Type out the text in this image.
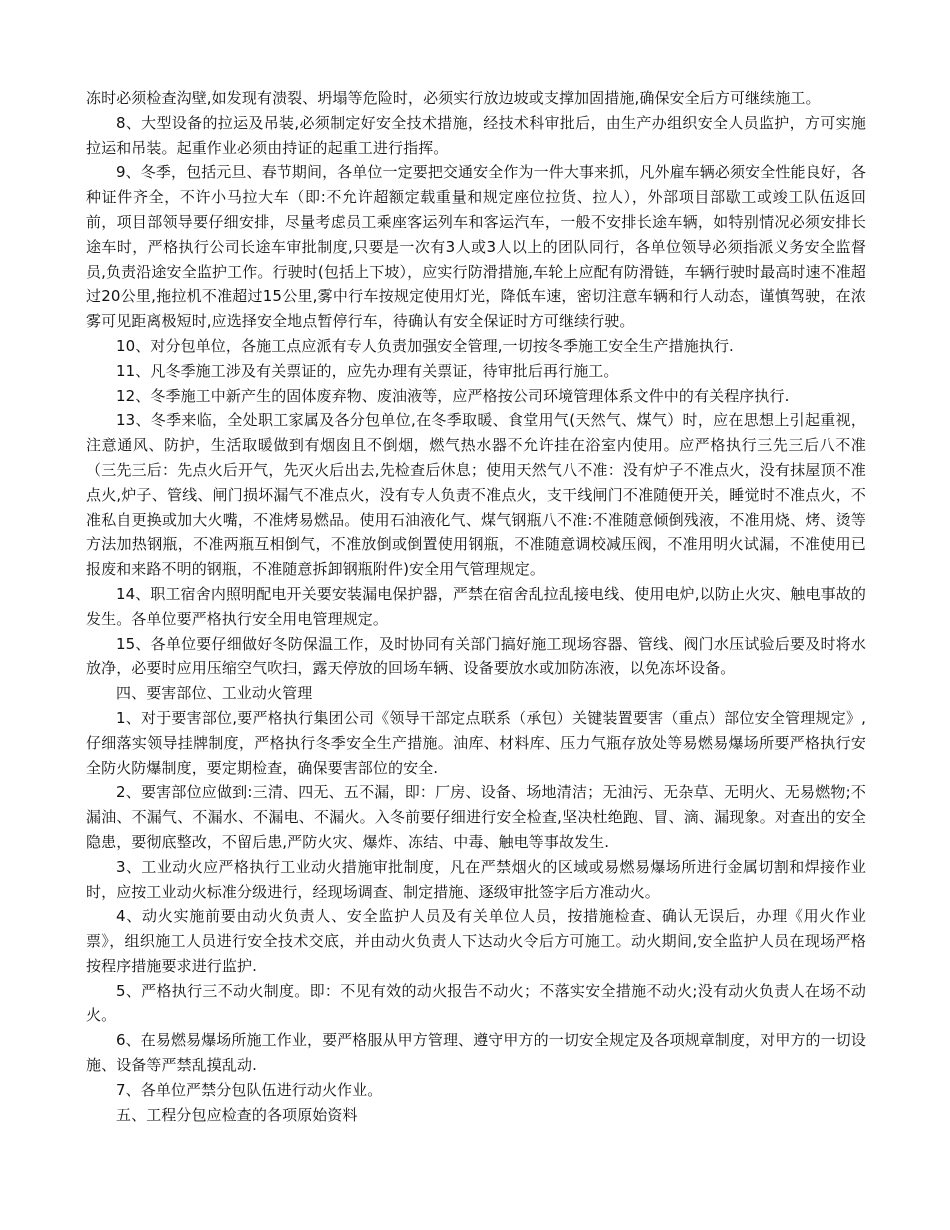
冻时必须检查沟壁,如发现有溃裂、坍塌等危险时，必须实行放边坡或支撑加固措施,确保安全后方可继续施工。

8、大型设备的拉运及吊装,必须制定好安全技术措施，经技术科审批后，由生产办组织安全人员监护，方可实施拉运和吊装。起重作业必须由持证的起重工进行指挥。

9、冬季，包括元旦、春节期间，各单位一定要把交通安全作为一件大事来抓，凡外雇车辆必须安全性能良好，各种证件齐全，不许小马拉大车（即:不允许超额定载重量和规定座位拉货、拉人），外部项目部歇工或竣工队伍返回前，项目部领导要仔细安排，尽量考虑员工乘座客运列车和客运汽车，一般不安排长途车辆，如特别情况必须安排长途车时，严格执行公司长途车审批制度,只要是一次有3人或3人以上的团队同行，各单位领导必须指派义务安全监督员,负责沿途安全监护工作。行驶时(包括上下坡），应实行防滑措施,车轮上应配有防滑链，车辆行驶时最高时速不准超过20公里,拖拉机不准超过15公里,雾中行车按规定使用灯光，降低车速，密切注意车辆和行人动态，谨慎驾驶，在浓雾可见距离极短时,应选择安全地点暂停行车，待确认有安全保证时方可继续行驶。

10、对分包单位，各施工点应派有专人负责加强安全管理,一切按冬季施工安全生产措施执行.

11、凡冬季施工涉及有关票证的，应先办理有关票证，待审批后再行施工。

12、冬季施工中新产生的固体废弃物、废油液等，应严格按公司环境管理体系文件中的有关程序执行.

13、冬季来临，全处职工家属及各分包单位,在冬季取暖、食堂用气(天然气、煤气）时，应在思想上引起重视，注意通风、防护，生活取暖做到有烟囱且不倒烟，燃气热水器不允许挂在浴室内使用。应严格执行三先三后八不准（三先三后：先点火后开气，先灭火后出去,先检查后休息；使用天然气八不准：没有炉子不准点火，没有抹屋顶不准点火,炉子、管线、闸门损坏漏气不准点火，没有专人负责不准点火，支干线闸门不准随便开关，睡觉时不准点火，不准私自更换或加大火嘴，不准烤易燃品。使用石油液化气、煤气钢瓶八不准:不准随意倾倒残液，不准用烧、烤、烫等方法加热钢瓶，不准两瓶互相倒气，不准放倒或倒置使用钢瓶，不准随意调校减压阀，不准用明火试漏，不准使用已报废和来路不明的钢瓶，不准随意拆卸钢瓶附件)安全用气管理规定。

14、职工宿舍内照明配电开关要安装漏电保护器，严禁在宿舍乱拉乱接电线、使用电炉,以防止火灾、触电事故的发生。各单位要严格执行安全用电管理规定。

15、各单位要仔细做好冬防保温工作，及时协同有关部门搞好施工现场容器、管线、阀门水压试验后要及时将水放净，必要时应用压缩空气吹扫，露天停放的回场车辆、设备要放水或加防冻液，以免冻坏设备。

四、要害部位、工业动火管理

1、对于要害部位,要严格执行集团公司《领导干部定点联系（承包）关键装置要害（重点）部位安全管理规定》,仔细落实领导挂牌制度，严格执行冬季安全生产措施。油库、材料库、压力气瓶存放处等易燃易爆场所要严格执行安全防火防爆制度，要定期检查，确保要害部位的安全.

2、要害部位应做到:三清、四无、五不漏，即：厂房、设备、场地清洁；无油污、无杂草、无明火、无易燃物;不漏油、不漏气、不漏水、不漏电、不漏火。入冬前要仔细进行安全检查,坚决杜绝跑、冒、滴、漏现象。对查出的安全隐患，要彻底整改，不留后患,严防火灾、爆炸、冻结、中毒、触电等事故发生.

3、工业动火应严格执行工业动火措施审批制度，凡在严禁烟火的区域或易燃易爆场所进行金属切割和焊接作业时，应按工业动火标准分级进行，经现场调查、制定措施、逐级审批签字后方准动火。

4、动火实施前要由动火负责人、安全监护人员及有关单位人员，按措施检查、确认无误后，办理《用火作业票》，组织施工人员进行安全技术交底，并由动火负责人下达动火令后方可施工。动火期间,安全监护人员在现场严格按程序措施要求进行监护.

5、严格执行三不动火制度。即：不见有效的动火报告不动火；不落实安全措施不动火;没有动火负责人在场不动火。

6、在易燃易爆场所施工作业，要严格服从甲方管理、遵守甲方的一切安全规定及各项规章制度，对甲方的一切设施、设备等严禁乱摸乱动.

7、各单位严禁分包队伍进行动火作业。

五、工程分包应检查的各项原始资料
